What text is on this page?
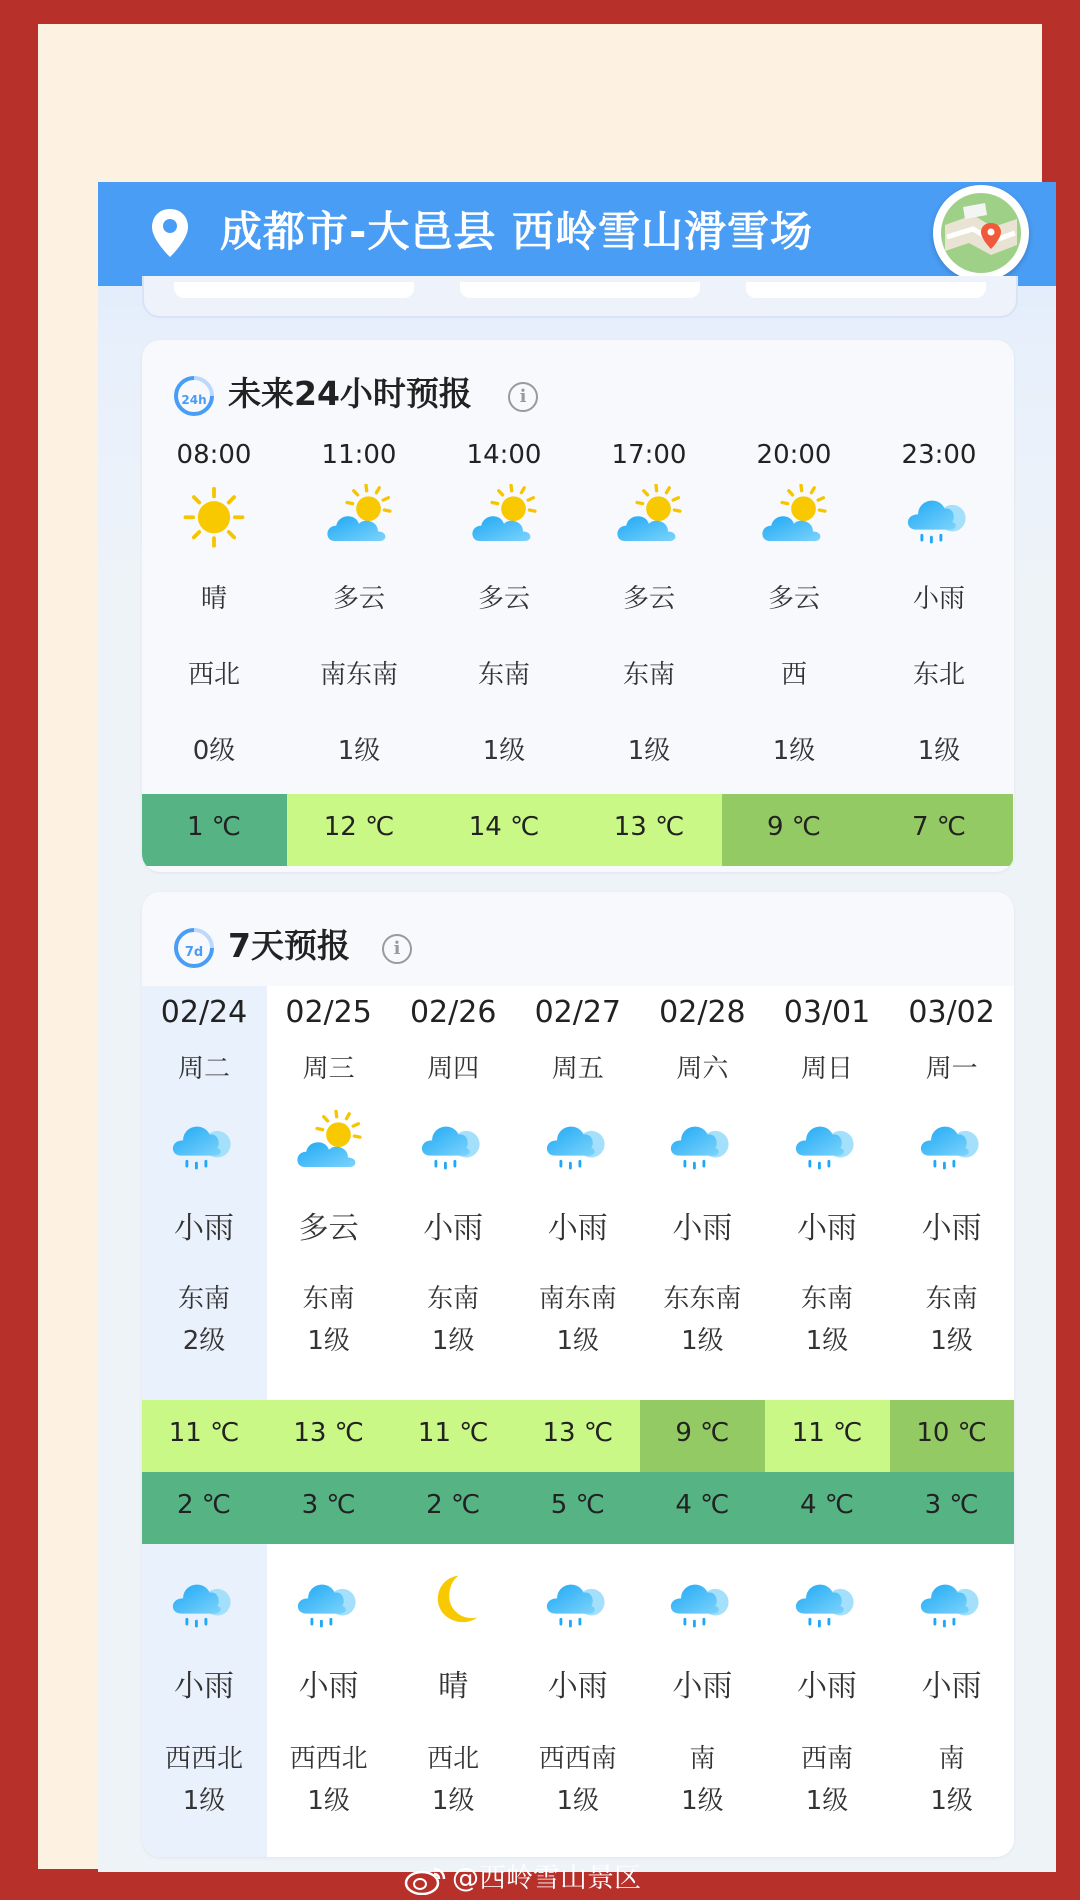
成都市-大邑县 西岭雪山滑雪场
24h 未来24小时预报	i
08:00
晴
西北
0级
1 ℃
11:00
多云
南东南
1级
12 ℃
14:00
多云
东南
1级
14 ℃
17:00
多云
东南
1级
13 ℃
20:00
多云
西
1级
9 ℃
23:00
小雨
东北
1级
7 ℃
7d 7天预报	i
02/24
周二
小雨
东南
2级
11 ℃
2 ℃
小雨
西西北
1级
02/25
周三
多云
东南
1级
13 ℃
3 ℃
小雨
西西北
1级
02/26
周四
小雨
东南
1级
11 ℃
2 ℃
晴
西北
1级
02/27
周五
小雨
南东南
1级
13 ℃
5 ℃
小雨
西西南
1级
02/28
周六
小雨
东东南
1级
9 ℃
4 ℃
小雨
南
1级
03/01
周日
小雨
东南
1级
11 ℃
4 ℃
小雨
西南
1级
03/02
周一
小雨
东南
1级
10 ℃
3 ℃
小雨
南
1级
@西岭雪山景区
